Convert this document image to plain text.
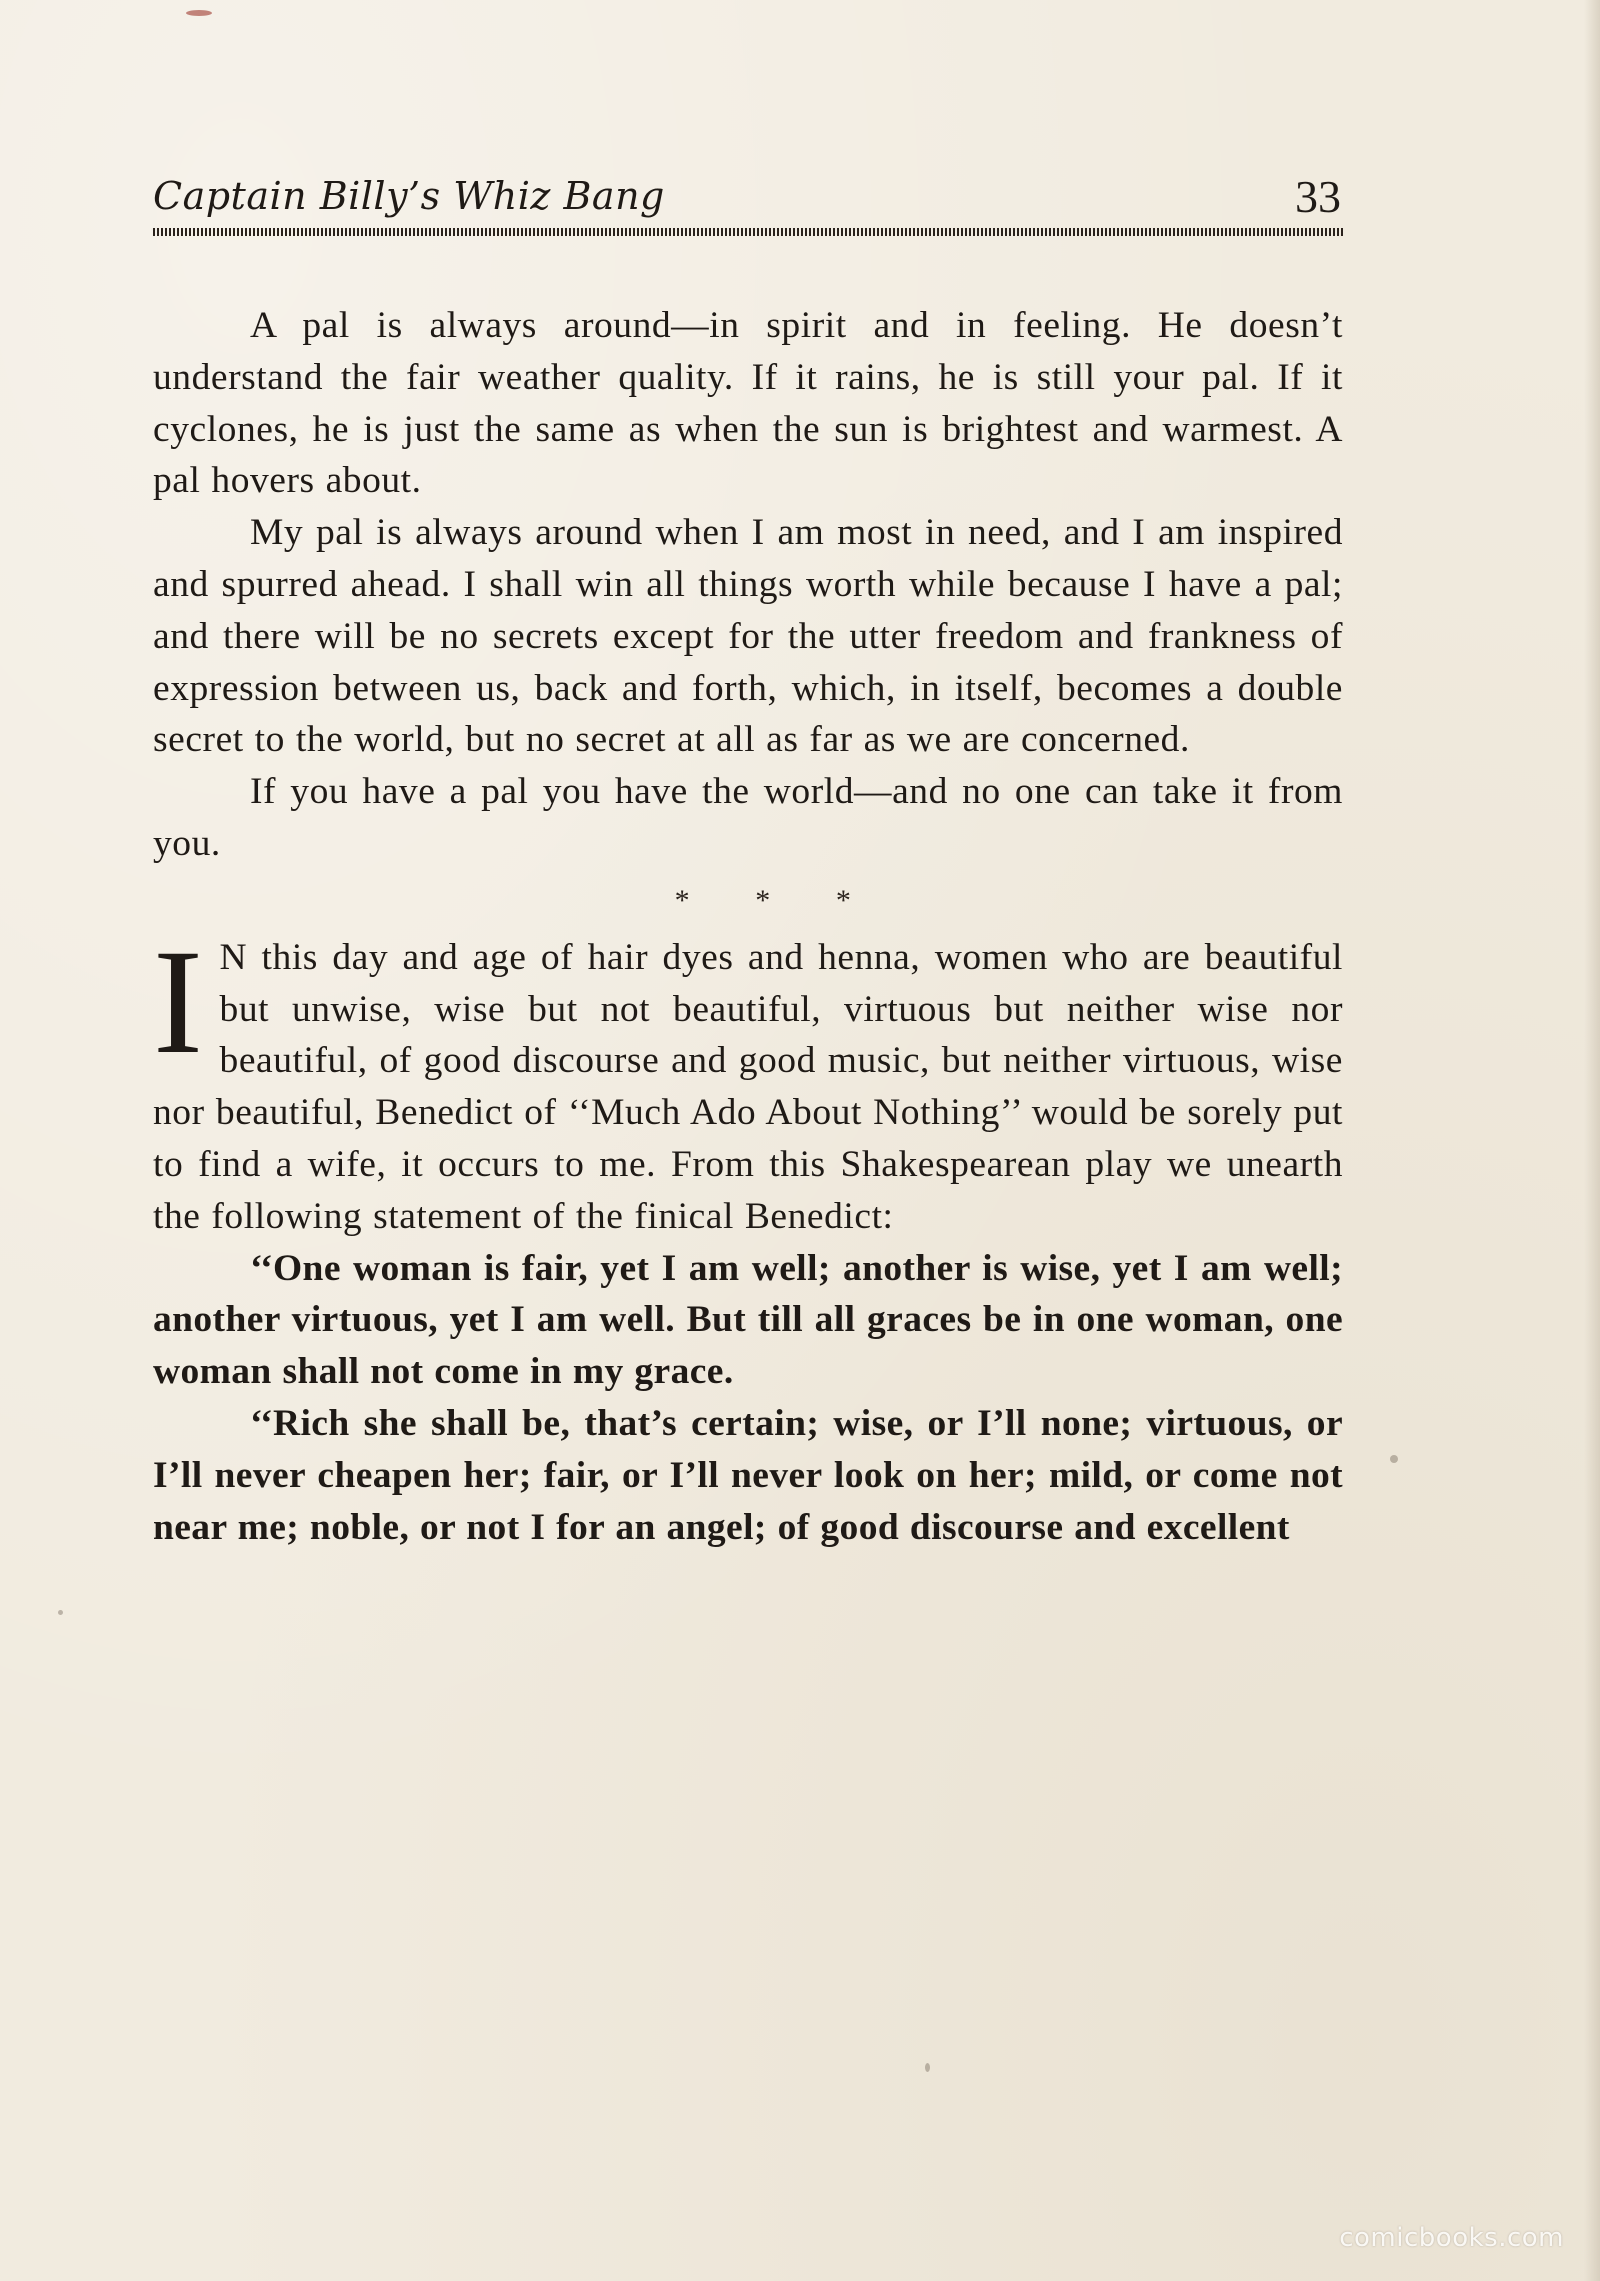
Captain Billy’s Whiz Bang	33

A pal is always around—in spirit and in feeling. He doesn’t understand the fair weather quality. If it rains, he is still your pal. If it cyclones, he is just the same as when the sun is brightest and warmest. A pal hovers about.

My pal is always around when I am most in need, and I am inspired and spurred ahead. I shall win all things worth while because I have a pal; and there will be no secrets except for the utter freedom and frankness of expression between us, back and forth, which, in itself, becomes a double secret to the world, but no secret at all as far as we are concerned.

If you have a pal you have the world—and no one can take it from you.

* * *

I N this day and age of hair dyes and henna, women who are beautiful but unwise, wise but not beautiful, virtuous but neither wise nor beautiful, of good discourse and good music, but neither virtuous, wise nor beautiful, Benedict of ‘‘Much Ado About Nothing’’ would be sorely put to find a wife, it occurs to me. From this Shakespearean play we unearth the following statement of the finical Benedict:

‘‘One woman is fair, yet I am well; another is wise, yet I am well; another virtuous, yet I am well. But till all graces be in one woman, one woman shall not come in my grace.

‘‘Rich she shall be, that’s certain; wise, or I’ll none; virtuous, or I’ll never cheapen her; fair, or I’ll never look on her; mild, or come not near me; noble, or not I for an angel; of good discourse and excellent

comicbooks.com
